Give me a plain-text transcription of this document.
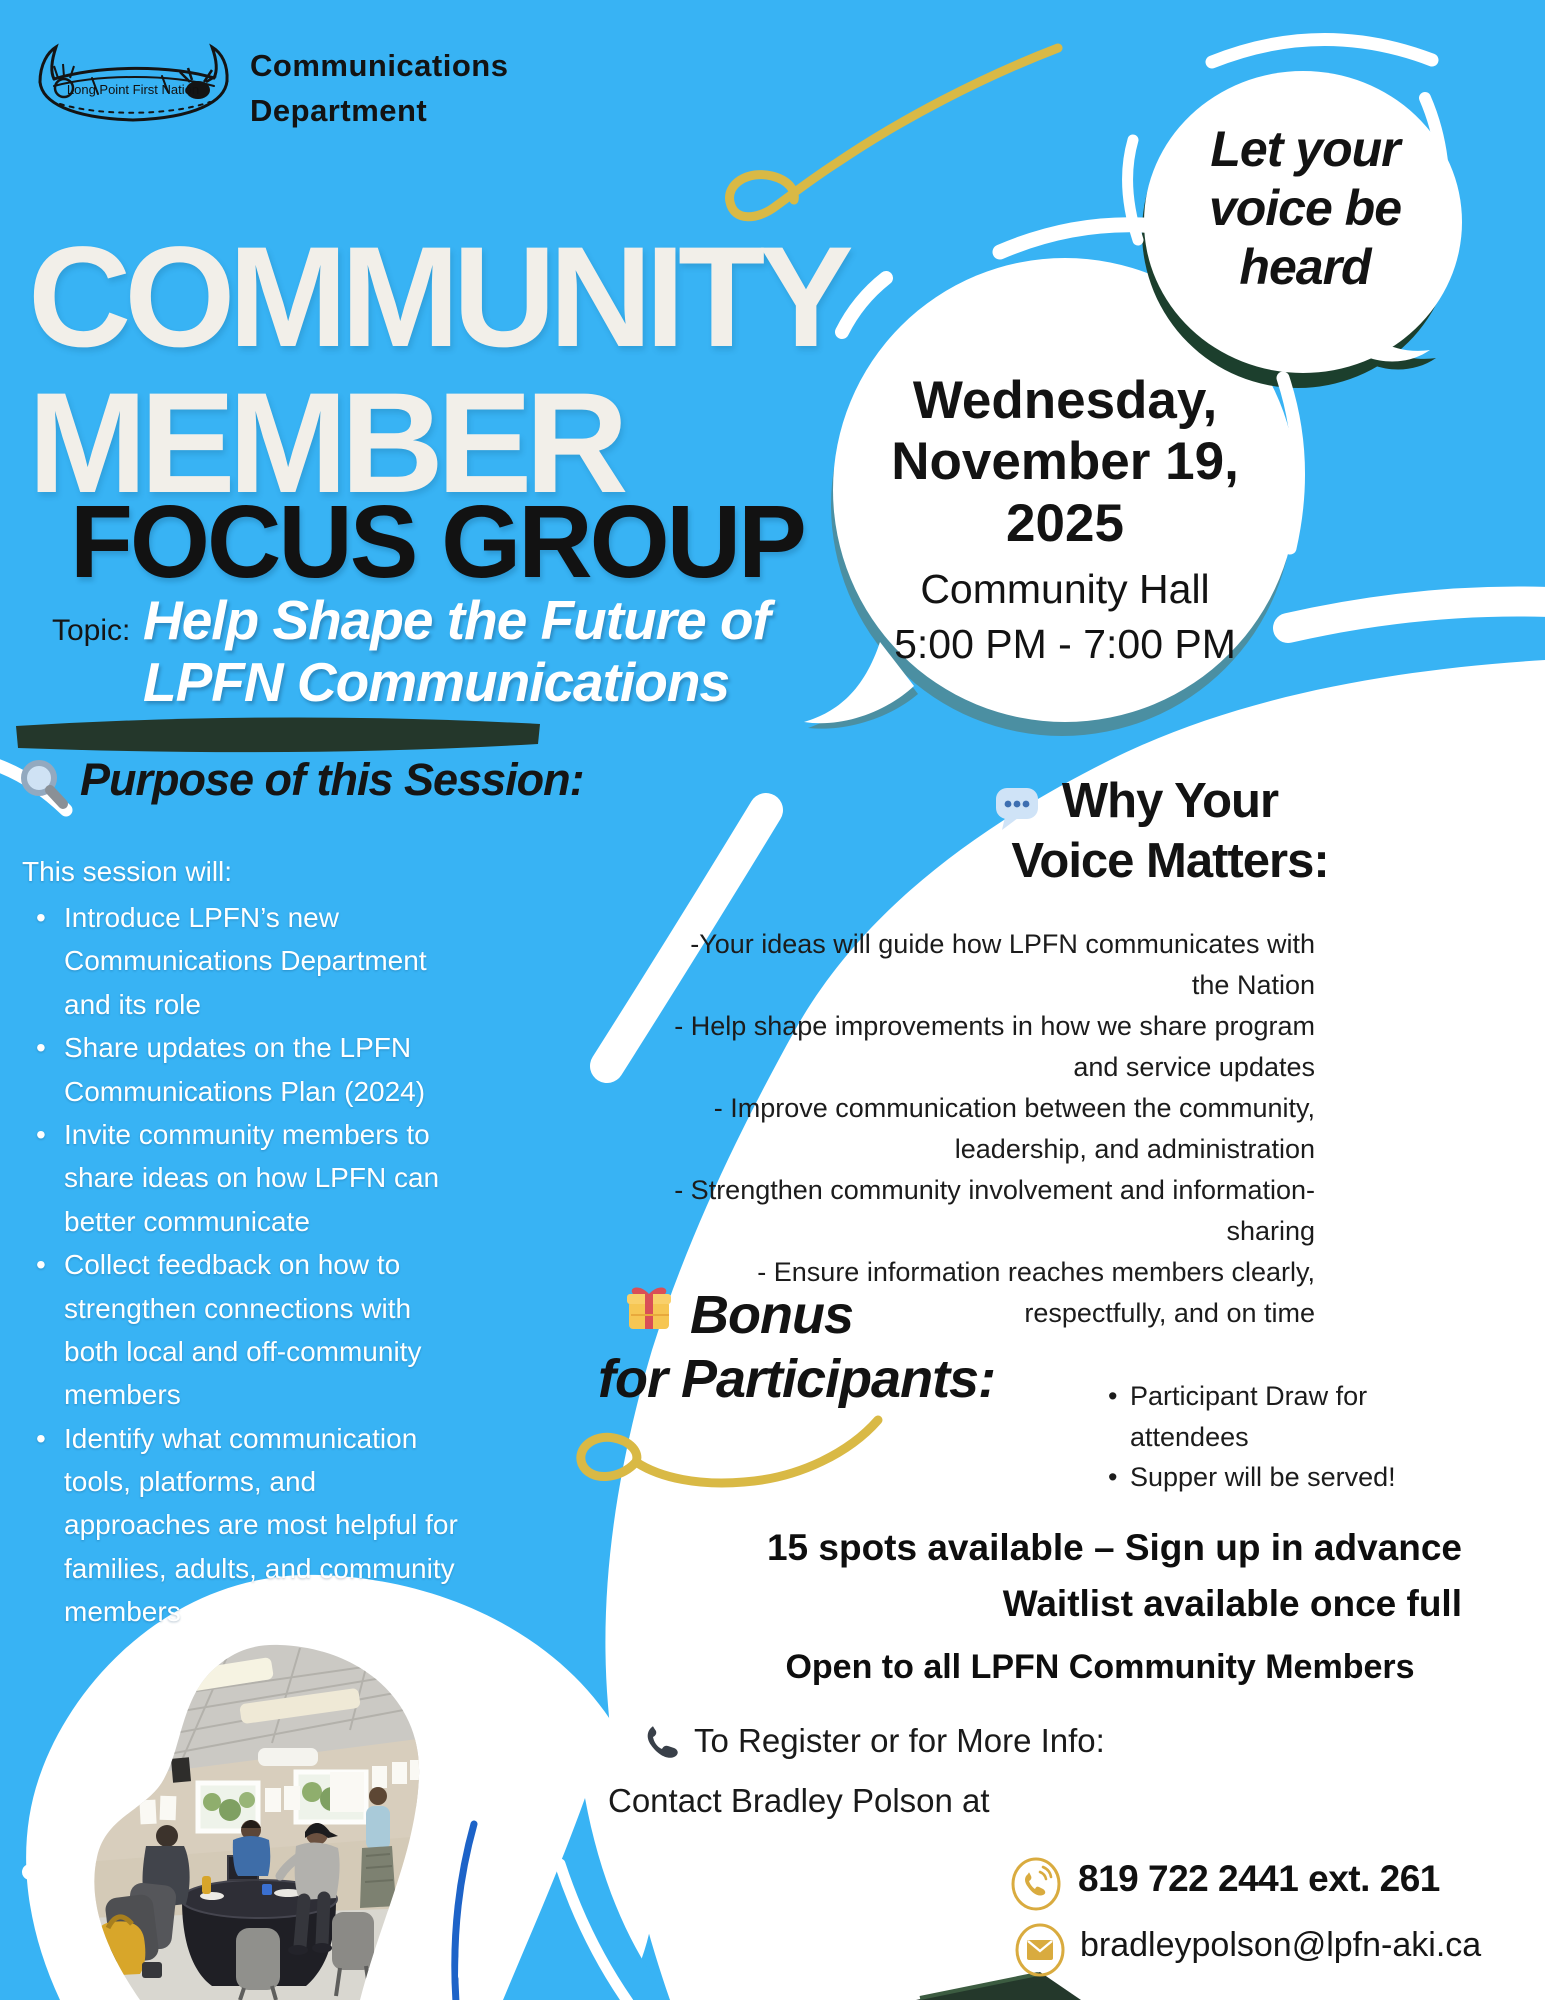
Long Point First Nation
Communications
Department
COMMUNITY
MEMBER
FOCUS GROUP
Topic: Help Shape the Future of
LPFN Communications
Let your
voice be
heard
Wednesday,
November 19, 2025
Community Hall
5:00 PM - 7:00 PM
Purpose of this Session:
This session will:
• Introduce LPFN’s new Communications Department and its role
• Share updates on the LPFN Communications Plan (2024)
• Invite community members to share ideas on how LPFN can better communicate
• Collect feedback on how to strengthen connections with both local and off-community members
• Identify what communication tools, platforms, and approaches are most helpful for families, adults, and community members
Why Your
Voice Matters:
-Your ideas will guide how LPFN communicates with the Nation
- Help shape improvements in how we share program and service updates
- Improve communication between the community, leadership, and administration
- Strengthen community involvement and information-sharing
- Ensure information reaches members clearly, respectfully, and on time
Bonus
for Participants:	• Participant Draw for attendees
• Supper will be served!
15 spots available – Sign up in advance
Waitlist available once full
Open to all LPFN Community Members
To Register or for More Info:
Contact Bradley Polson at
819 722 2441 ext. 261
bradleypolson@lpfn-aki.ca
